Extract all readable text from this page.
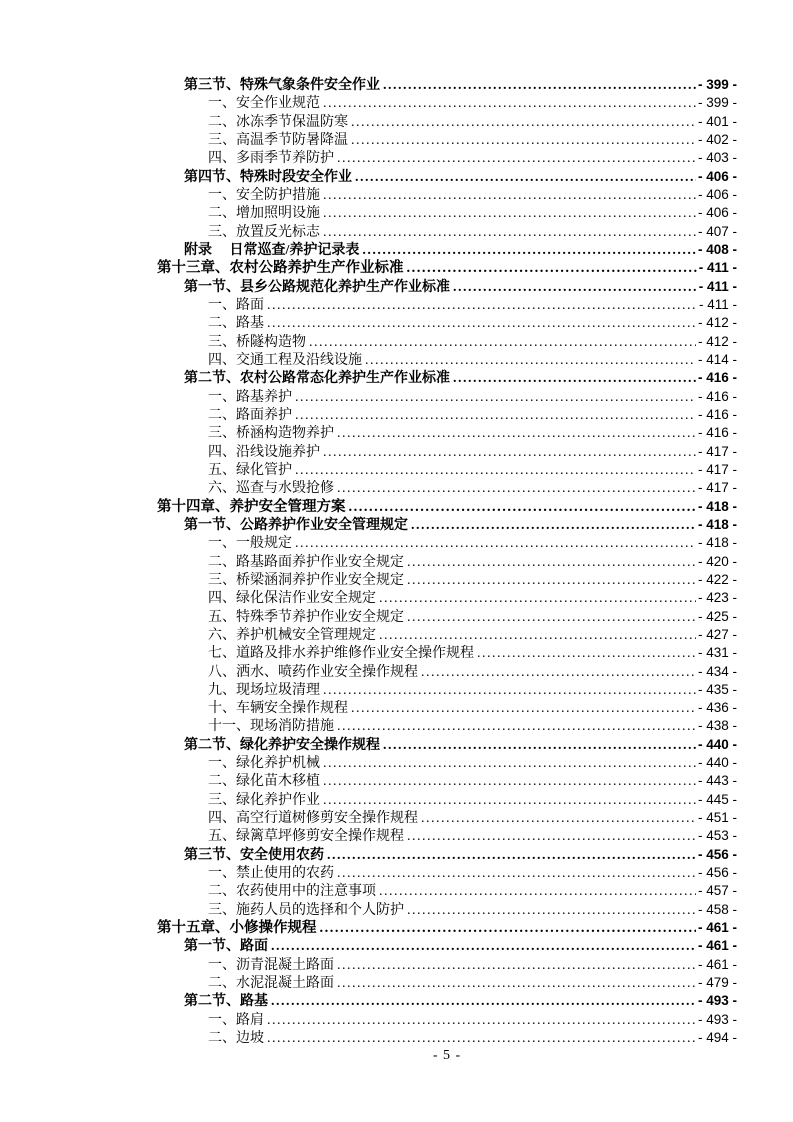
第三节、特殊气象条件安全作业 .....	- 399 -
一、安全作业规范 .....	- 399 -
二、冰冻季节保温防寒 .....	- 401 -
三、高温季节防暑降温 .....	- 402 -
四、多雨季节养防护 .....	- 403 -
第四节、特殊时段安全作业 .....	- 406 -
一、安全防护措施 .....	- 406 -
二、增加照明设施 .....	- 406 -
三、放置反光标志 .....	- 407 -
附录　 日常巡查/养护记录表 .....	- 408 -
第十三章、农村公路养护生产作业标准 .....	- 411 -
第一节、县乡公路规范化养护生产作业标准 .....	- 411 -
一、路面 .....	- 411 -
二、路基 .....	- 412 -
三、桥隧构造物 .....	- 412 -
四、交通工程及沿线设施 .....	- 414 -
第二节、农村公路常态化养护生产作业标准 .....	- 416 -
一、路基养护 .....	- 416 -
二、路面养护 .....	- 416 -
三、桥涵构造物养护 .....	- 416 -
四、沿线设施养护 .....	- 417 -
五、绿化管护 .....	- 417 -
六、巡查与水毁抢修 .....	- 417 -
第十四章、养护安全管理方案 .....	- 418 -
第一节、公路养护作业安全管理规定 .....	- 418 -
一、一般规定 .....	- 418 -
二、路基路面养护作业安全规定 .....	- 420 -
三、桥梁涵洞养护作业安全规定 .....	- 422 -
四、绿化保洁作业安全规定 .....	- 423 -
五、特殊季节养护作业安全规定 .....	- 425 -
六、养护机械安全管理规定 .....	- 427 -
七、道路及排水养护维修作业安全操作规程 .....	- 431 -
八、洒水、喷药作业安全操作规程 .....	- 434 -
九、现场垃圾清理 .....	- 435 -
十、车辆安全操作规程 .....	- 436 -
十一、现场消防措施 .....	- 438 -
第二节、绿化养护安全操作规程 .....	- 440 -
一、绿化养护机械 .....	- 440 -
二、绿化苗木移植 .....	- 443 -
三、绿化养护作业 .....	- 445 -
四、高空行道树修剪安全操作规程 .....	- 451 -
五、绿篱草坪修剪安全操作规程 .....	- 453 -
第三节、安全使用农药 .....	- 456 -
一、禁止使用的农药 .....	- 456 -
二、农药使用中的注意事项 .....	- 457 -
三、施药人员的选择和个人防护 .....	- 458 -
第十五章、小修操作规程 .....	- 461 -
第一节、路面 .....	- 461 -
一、沥青混凝土路面 .....	- 461 -
二、水泥混凝土路面 .....	- 479 -
第二节、路基 .....	- 493 -
一、路肩 .....	- 493 -
二、边坡 .....	- 494 -
- 5 -
